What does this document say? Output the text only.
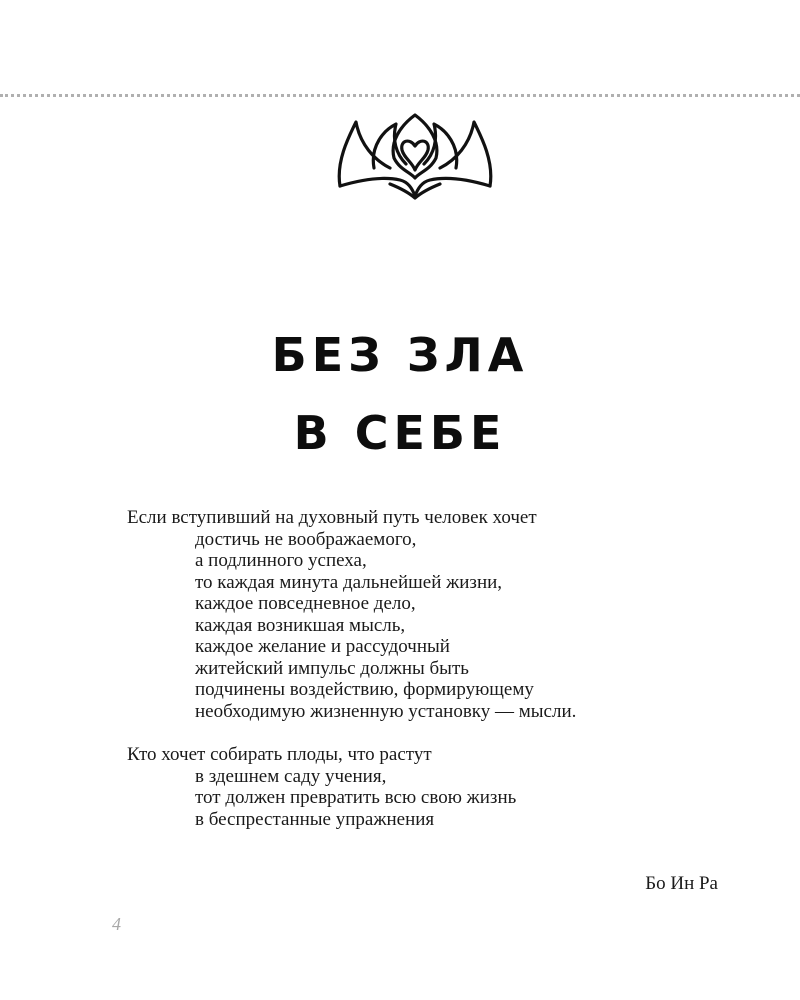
БЕЗ ЗЛА
В СЕБЕ
Если вступивший на духовный путь человек хочет
достичь не воображаемого,
а подлинного успеха,
то каждая минута дальнейшей жизни,
каждое повседневное дело,
каждая возникшая мысль,
каждое желание и рассудочный
житейский импульс должны быть
подчинены воздействию, формирующему
необходимую жизненную установку — мысли.
Кто хочет собирать плоды, что растут
в здешнем саду учения,
тот должен превратить всю свою жизнь
в беспрестанные упражнения
Бо Ин Ра
4
